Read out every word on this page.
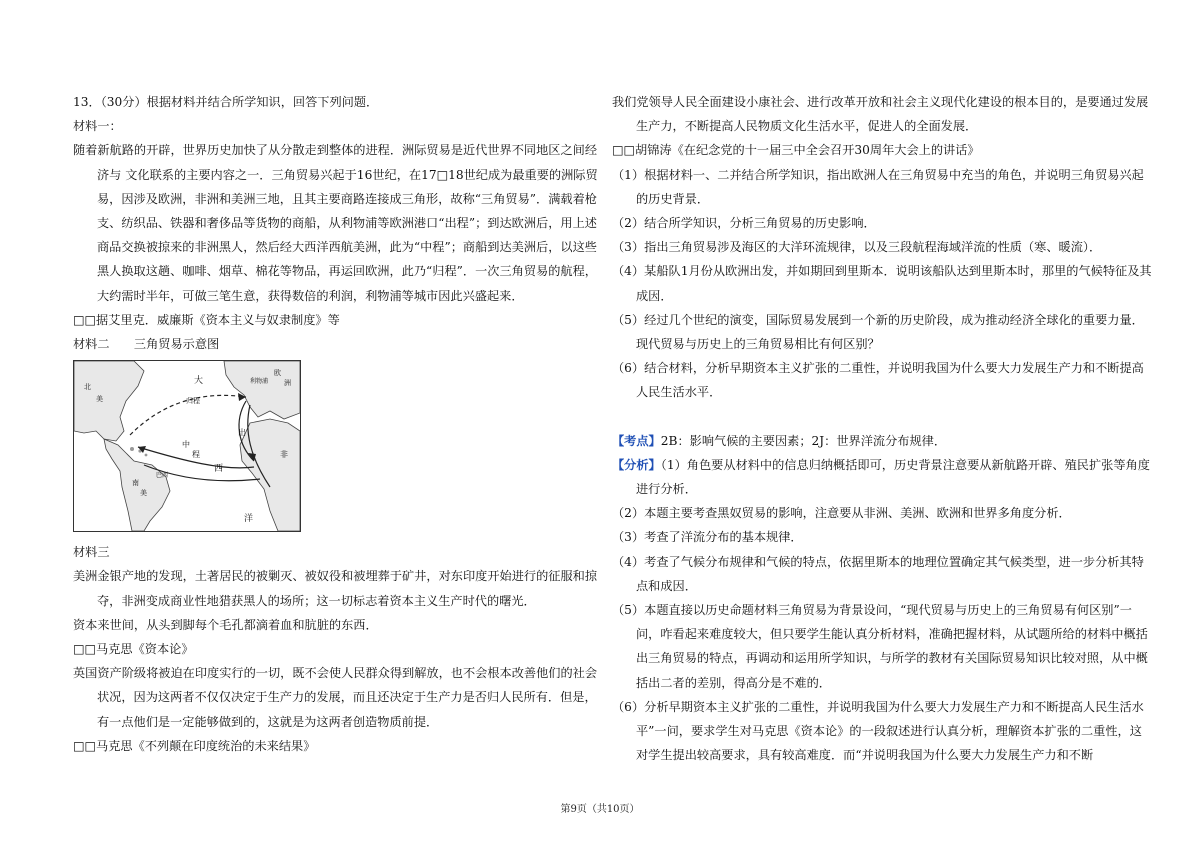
13．（30分）根据材料并结合所学知识，回答下列问题．

材料一：

随着新航路的开辟，世界历史加快了从分散走到整体的进程．洲际贸易是近代世界不同地区之间经济与 文化联系的主要内容之一．三角贸易兴起于16世纪，在17□18世纪成为最重要的洲际贸易，因涉及欧洲，非洲和美洲三地，且其主要商路连接成三角形，故称“三角贸易”．满载着枪支、纺织品、铁器和奢侈品等货物的商船，从利物浦等欧洲港口“出程”；到达欧洲后，用上述商品交换被掠来的非洲黑人，然后经大西洋西航美洲，此为“中程”；商船到达美洲后，以这些黑人换取这趟、咖啡、烟草、棉花等物品，再运回欧洲，此乃“归程”．一次三角贸易的航程，大约需时半年，可做三笔生意，获得数倍的利润，利物浦等城市因此兴盛起来．

□□据艾里克．威廉斯《资本主义与奴隶制度》等

材料二　　三角贸易示意图

北
美
大
西
洋
归程
中
程
出
利物浦
欧
洲
非
南
美
巴西

材料三

美洲金银产地的发现，土著居民的被剿灭、被奴役和被埋葬于矿井，对东印度开始进行的征服和掠夺，非洲变成商业性地猎获黑人的场所；这一切标志着资本主义生产时代的曙光．

资本来世间，从头到脚每个毛孔都滴着血和肮脏的东西．

□□马克思《资本论》

英国资产阶级将被迫在印度实行的一切，既不会使人民群众得到解放，也不会根本改善他们的社会状况，因为这两者不仅仅决定于生产力的发展，而且还决定于生产力是否归人民所有．但是，有一点他们是一定能够做到的，这就是为这两者创造物质前提．

□□马克思《不列颠在印度统治的未来结果》

我们党领导人民全面建设小康社会、进行改革开放和社会主义现代化建设的根本目的，是要通过发展生产力，不断提高人民物质文化生活水平，促进人的全面发展．

□□胡锦涛《在纪念党的十一届三中全会召开30周年大会上的讲话》

（1）根据材料一、二并结合所学知识，指出欧洲人在三角贸易中充当的角色，并说明三角贸易兴起的历史背景．

（2）结合所学知识，分析三角贸易的历史影响．

（3）指出三角贸易涉及海区的大洋环流规律，以及三段航程海域洋流的性质（寒、暖流）．

（4）某船队1月份从欧洲出发，并如期回到里斯本．说明该船队达到里斯本时，那里的气候特征及其成因．

（5）经过几个世纪的演变，国际贸易发展到一个新的历史阶段，成为推动经济全球化的重要力量．现代贸易与历史上的三角贸易相比有何区别？

（6）结合材料，分析早期资本主义扩张的二重性，并说明我国为什么要大力发展生产力和不断提高人民生活水平．

【考点】2B：影响气候的主要因素；2J：世界洋流分布规律．

【分析】（1）角色要从材料中的信息归纳概括即可，历史背景注意要从新航路开辟、殖民扩张等角度进行分析．

（2）本题主要考查黑奴贸易的影响，注意要从非洲、美洲、欧洲和世界多角度分析．

（3）考查了洋流分布的基本规律．

（4）考查了气候分布规律和气候的特点，依据里斯本的地理位置确定其气候类型，进一步分析其特点和成因．

（5）本题直接以历史命题材料三角贸易为背景设问，“现代贸易与历史上的三角贸易有何区别”一问，咋看起来难度较大，但只要学生能认真分析材料，准确把握材料，从试题所给的材料中概括出三角贸易的特点，再调动和运用所学知识，与所学的教材有关国际贸易知识比较对照，从中概括出二者的差别，得高分是不难的．

（6）分析早期资本主义扩张的二重性，并说明我国为什么要大力发展生产力和不断提高人民生活水平”一问，要求学生对马克思《资本论》的一段叙述进行认真分析，理解资本扩张的二重性，这对学生提出较高要求，具有较高难度．而“并说明我国为什么要大力发展生产力和不断

第9页（共10页）
